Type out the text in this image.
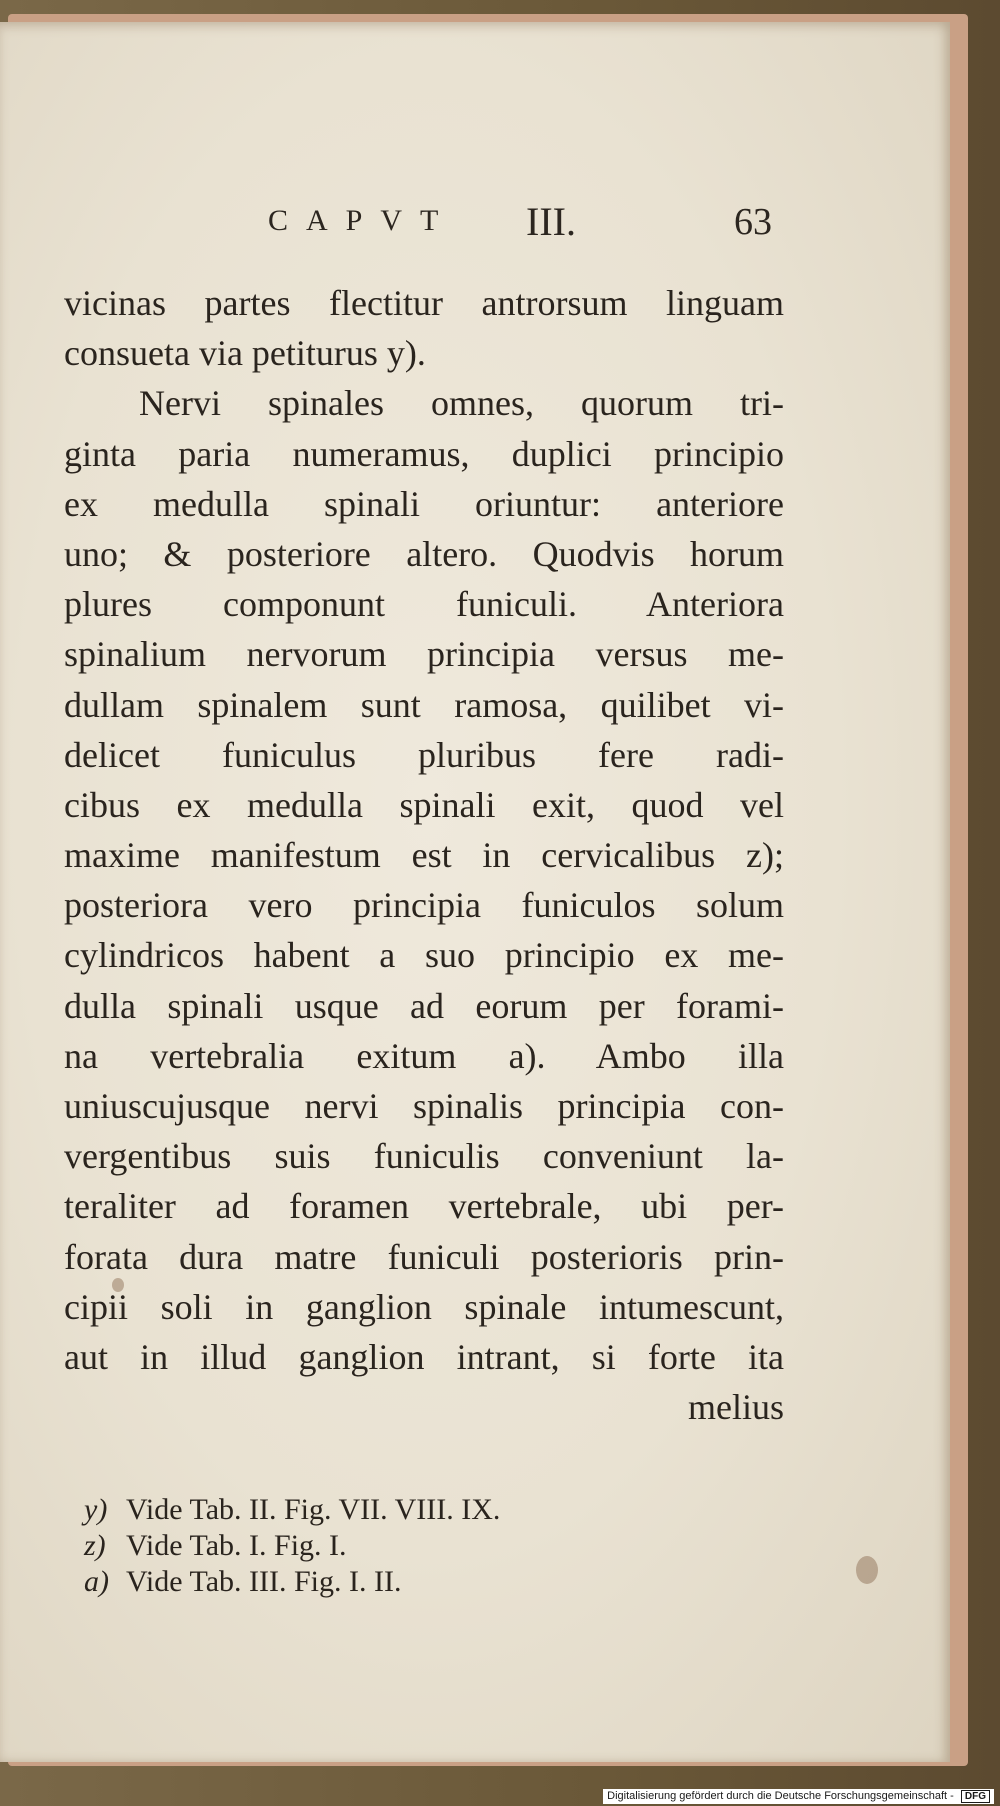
CAPVT III.	63
vicinas partes flectitur antrorsum linguam
consueta via petiturus y).
Nervi spinales omnes, quorum tri-
ginta paria numeramus, duplici principio
ex medulla spinali oriuntur: anteriore
uno; & posteriore altero. Quodvis horum
plures componunt funiculi. Anteriora
spinalium nervorum principia versus me-
dullam spinalem sunt ramosa, quilibet vi-
delicet funiculus pluribus fere radi-
cibus ex medulla spinali exit, quod vel
maxime manifestum est in cervicalibus z);
posteriora vero principia funiculos solum
cylindricos habent a suo principio ex me-
dulla spinali usque ad eorum per forami-
na vertebralia exitum a). Ambo illa
uniuscujusque nervi spinalis principia con-
vergentibus suis funiculis conveniunt la-
teraliter ad foramen vertebrale, ubi per-
forata dura matre funiculi posterioris prin-
cipii soli in ganglion spinale intumescunt,
aut in illud ganglion intrant, si forte ita
melius
y) Vide Tab. II. Fig. VII. VIII. IX.
z) Vide Tab. I. Fig. I.
a) Vide Tab. III. Fig. I. II.
Digitalisierung gefördert durch die Deutsche Forschungsgemeinschaft - DFG
